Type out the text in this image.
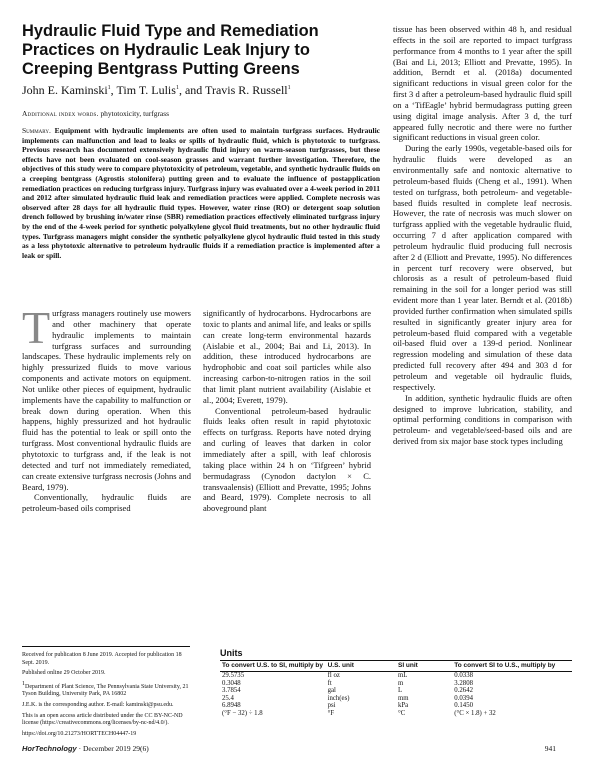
Hydraulic Fluid Type and Remediation Practices on Hydraulic Leak Injury to Creeping Bentgrass Putting Greens
John E. Kaminski$^1$, Tim T. Lulis$^1$, and Travis R. Russell$^1$
Additional index words. phytotoxicity, turfgrass
Summary. Equipment with hydraulic implements are often used to maintain turfgrass surfaces. Hydraulic implements can malfunction and lead to leaks or spills of hydraulic fluid, which is phytotoxic to turfgrass. Previous research has documented extensively hydraulic fluid injury on warm-season turfgrasses, but these effects have not been evaluated on cool-season grasses and warrant further investigation. Therefore, the objectives of this study were to compare phytotoxicity of petroleum, vegetable, and synthetic hydraulic fluids on a creeping bentgrass (Agrostis stolonifera) putting green and to evaluate the influence of postapplication remediation practices on reducing turfgrass injury. Turfgrass injury was evaluated over a 4-week period in 2011 and 2012 after simulated hydraulic fluid leak and remediation practices were applied. Complete necrosis was observed after 28 days for all hydraulic fluid types. However, water rinse (RO) or detergent soap solution drench followed by brushing in/water rinse (SBR) remediation practices effectively eliminated turfgrass injury by the end of the 4-week period for synthetic polyalkylene glycol fluid treatments, but no other hydraulic fluid types. Turfgrass managers might consider the synthetic polyalkylene glycol hydraulic fluid tested in this study as a less phytotoxic alternative to petroleum hydraulic fluids if a remediation practice is implemented after a leak or spill.

Turfgrass managers routinely use mowers and other machinery that operate hydraulic implements to maintain turfgrass surfaces and surrounding landscapes. These hydraulic implements rely on highly pressurized fluids to move various components and activate motors on equipment. Not unlike other pieces of equipment, hydraulic implements have the capability to malfunction or break down during operation. When this happens, highly pressurized and hot hydraulic fluid has the potential to leak or spill onto the turfgrass. Most conventional hydraulic fluids are phytotoxic to turfgrass and, if the leak is not detected and turf not immediately remediated, can create extensive turfgrass necrosis (Johns and Beard, 1979).

Conventionally, hydraulic fluids are petroleum-based oils comprised

significantly of hydrocarbons. Hydrocarbons are toxic to plants and animal life, and leaks or spills can create long-term environmental hazards (Aislabie et al., 2004; Bai and Li, 2013). In addition, these introduced hydrocarbons are hydrophobic and coat soil particles while also increasing carbon-to-nitrogen ratios in the soil that limit plant nutrient availability (Aislabie et al., 2004; Everett, 1979).

Conventional petroleum-based hydraulic fluids leaks often result in rapid phytotoxic effects on turfgrass. Reports have noted drying and curling of leaves that darken in color immediately after a spill, with leaf chlorosis taking place within 24 h on ‘Tifgreen’ hybrid bermudagrass (Cynodon dactylon × C. transvaalensis) (Elliott and Prevatte, 1995; Johns and Beard, 1979). Complete necrosis to all aboveground plant

tissue has been observed within 48 h, and residual effects in the soil are reported to impact turfgrass performance from 4 months to 1 year after the spill (Bai and Li, 2013; Elliott and Prevatte, 1995). In addition, Berndt et al. (2018a) documented significant reductions in visual green color for the first 3 d after a petroleum-based hydraulic fluid spill on a ‘TifEagle’ hybrid bermudagrass putting green using digital image analysis. After 3 d, the turf appeared fully necrotic and there were no further significant reductions in visual green color.

During the early 1990s, vegetable-based oils for hydraulic fluids were developed as an environmentally safe and nontoxic alternative to petroleum-based fluids (Cheng et al., 1991). When tested on turfgrass, both petroleum- and vegetable-based fluids resulted in complete leaf necrosis. However, the rate of necrosis was much slower on turfgrass applied with the vegetable hydraulic fluid, occurring 7 d after application compared with petroleum hydraulic fluid producing full necrosis after 2 d (Elliott and Prevatte, 1995). No differences in percent turf recovery were observed, but chlorosis as a result of petroleum-based fluid remaining in the soil for a longer period was still evident more than 1 year later. Berndt et al. (2018b) provided further confirmation when simulated spills resulted in significantly greater injury area for petroleum-based fluid compared with a vegetable oil-based fluid over a 139-d period. Nonlinear regression modeling and simulation of these data predicted full recovery after 494 and 303 d for petroleum and vegetable oil hydraulic fluids, respectively.

In addition, synthetic hydraulic fluids are often designed to improve lubrication, stability, and optimal performing conditions in comparison with petroleum- and vegetable/seed-based oils and are derived from six major base stock types including

Received for publication 8 June 2019. Accepted for publication 18 Sept. 2019.

Published online 29 October 2019.

$^1$Department of Plant Science, The Pennsylvania State University, 21 Tyson Building, University Park, PA 16802

J.E.K. is the corresponding author. E-mail: kaminski@psu.edu.

This is an open access article distributed under the CC BY-NC-ND license (https://creativecommons.org/licenses/by-nc-nd/4.0/).

https://doi.org/10.21273/HORTTECH04447-19

Units
To convert U.S. to SI, multiply by	U.S. unit	SI unit	To convert SI to U.S., multiply by
29.5735	fl oz	mL	0.0338
0.3048	ft	m	3.2808
3.7854	gal	L	0.2642
25.4	inch(es)	mm	0.0394
6.8948	psi	kPa	0.1450
(°F − 32) ÷ 1.8	°F	°C	(°C × 1.8) + 32
HorTechnology · December 2019 29(6)	941
